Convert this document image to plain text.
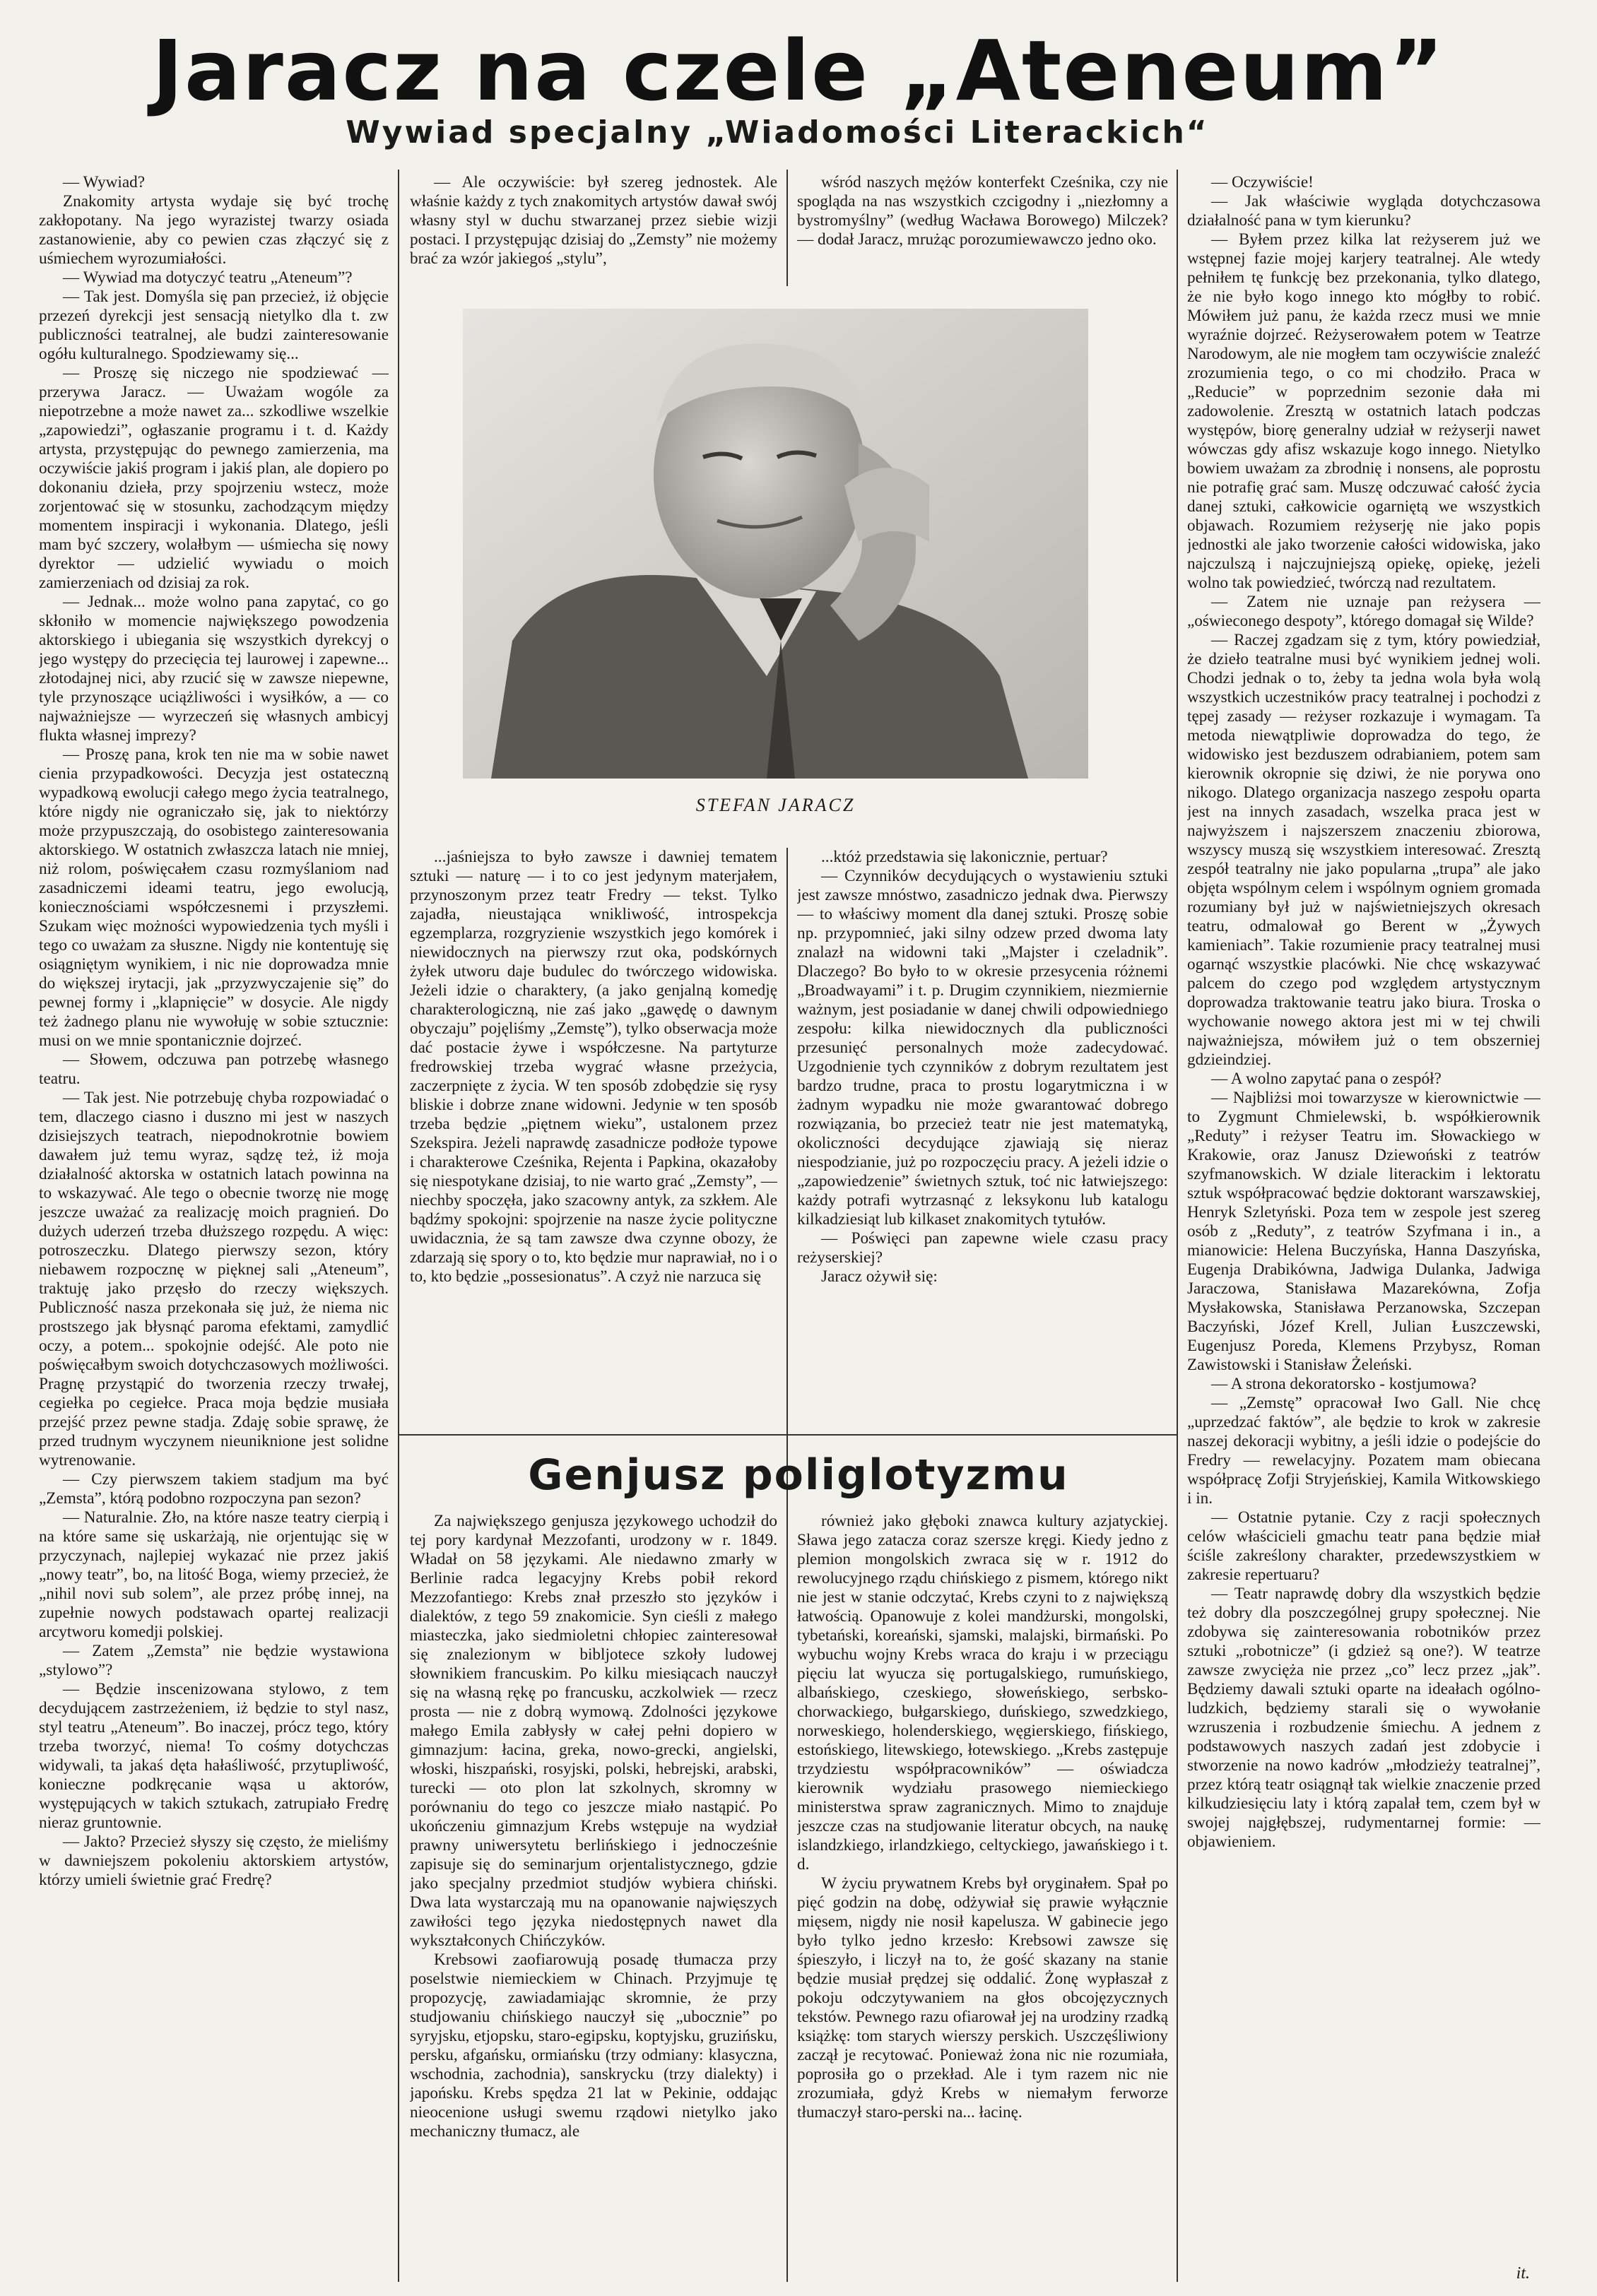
Jaracz na czele „Ateneum”
Wywiad specjalny „Wiadomości Literackich“

— Wywiad?

Znakomity artysta wydaje się być trochę zakłopotany. Na jego wyrazistej twarzy osiada zastanowienie, aby co pewien czas złączyć się z uśmiechem wyrozumiałości.

— Wywiad ma dotyczyć teatru „Ateneum”?

— Tak jest. Domyśla się pan przecież, iż objęcie przezeń dyrekcji jest sensacją nietylko dla t. zw publiczności teatralnej, ale budzi zainteresowanie ogółu kulturalnego. Spodziewamy się...

— Proszę się niczego nie spodziewać — przerywa Jaracz. — Uważam wogóle za niepotrzebne a może nawet za... szkodliwe wszelkie „zapowiedzi”, ogłaszanie programu i t. d. Każdy artysta, przystępując do pewnego zamierzenia, ma oczywiście jakiś program i jakiś plan, ale dopiero po dokonaniu dzieła, przy spojrzeniu wstecz, może zorjentować się w stosunku, zachodzącym między momentem inspiracji i wykonania. Dlatego, jeśli mam być szczery, wolałbym — uśmiecha się nowy dyrektor — udzielić wywiadu o moich zamierzeniach od dzisiaj za rok.

— Jednak... może wolno pana zapytać, co go skłoniło w momencie największego powodzenia aktorskiego i ubiegania się wszystkich dyrekcyj o jego występy do przecięcia tej laurowej i zapewne... złotodajnej nici, aby rzucić się w zawsze niepewne, tyle przynoszące uciążliwości i wysiłków, a — co najważniejsze — wyrzeczeń się własnych ambicyj flukta własnej imprezy?

— Proszę pana, krok ten nie ma w sobie nawet cienia przypadkowości. Decyzja jest ostateczną wypadkową ewolucji całego mego życia teatralnego, które nigdy nie ograniczało się, jak to niektórzy może przypuszczają, do osobistego zainteresowania aktorskiego. W ostatnich zwłaszcza latach nie mniej, niż rolom, poświęcałem czasu rozmyślaniom nad zasadniczemi ideami teatru, jego ewolucją, koniecznościami współczesnemi i przyszłemi. Szukam więc możności wypowiedzenia tych myśli i tego co uważam za słuszne. Nigdy nie kontentuję się osiągniętym wynikiem, i nic nie doprowadza mnie do większej irytacji, jak „przyzwyczajenie się” do pewnej formy i „klapnięcie” w dosycie. Ale nigdy też żadnego planu nie wywołuję w sobie sztucznie: musi on we mnie spontanicznie dojrzeć.

— Słowem, odczuwa pan potrzebę własnego teatru.

— Tak jest. Nie potrzebuję chyba rozpowiadać o tem, dlaczego ciasno i duszno mi jest w naszych dzisiejszych teatrach, niepodnokrotnie bowiem dawałem już temu wyraz, sądzę też, iż moja działalność aktorska w ostatnich latach powinna na to wskazywać. Ale tego o obecnie tworzę nie mogę jeszcze uważać za realizację moich pragnień. Do dużych uderzeń trzeba dłuższego rozpędu. A więc: potroszeczku. Dlatego pierwszy sezon, który niebawem rozpocznę w pięknej sali „Ateneum”, traktuję jako przęsło do rzeczy większych. Publiczność nasza przekonała się już, że niema nic prostszego jak błysnąć paroma efektami, zamydlić oczy, a potem... spokojnie odejść. Ale poto nie poświęcałbym swoich dotychczasowych możliwości. Pragnę przystąpić do tworzenia rzeczy trwałej, cegiełka po cegiełce. Praca moja będzie musiała przejść przez pewne stadja. Zdaję sobie sprawę, że przed trudnym wyczynem nieuniknione jest solidne wytrenowanie.

— Czy pierwszem takiem stadjum ma być „Zemsta”, którą podobno rozpoczyna pan sezon?

— Naturalnie. Zło, na które nasze teatry cierpią i na które same się uskarżają, nie orjentując się w przyczynach, najlepiej wykazać nie przez jakiś „nowy teatr”, bo, na litość Boga, wiemy przecież, że „nihil novi sub solem”, ale przez próbę innej, na zupełnie nowych podstawach opartej realizacji arcytworu komedji polskiej.

— Zatem „Zemsta” nie będzie wystawiona „stylowo”?

— Będzie inscenizowana stylowo, z tem decydującem zastrzeżeniem, iż będzie to styl nasz, styl teatru „Ateneum”. Bo inaczej, prócz tego, który trzeba tworzyć, niema! To cośmy dotychczas widywali, ta jakaś dęta hałaśliwość, przytupliwość, konieczne podkręcanie wąsa u aktorów, występujących w takich sztukach, zatrupiało Fredrę nieraz gruntownie.

— Jakto? Przecież słyszy się często, że mieliśmy w dawniejszem pokoleniu aktorskiem artystów, którzy umieli świetnie grać Fredrę?

— Ale oczywiście: był szereg jednostek. Ale właśnie każdy z tych znakomitych artystów dawał swój własny styl w duchu stwarzanej przez siebie wizji postaci. I przystępując dzisiaj do „Zemsty” nie możemy brać za wzór jakiegoś „stylu”,

wśród naszych mężów konterfekt Cześnika, czy nie spogląda na nas wszystkich czcigodny i „niezłomny a bystromyślny” (według Wacława Borowego) Milczek? — dodał Jaracz, mrużąc porozumiewawczo jedno oko.

STEFAN JARACZ

...jaśniejsza to było zawsze i dawniej tematem sztuki — naturę — i to co jest jedynym materjałem, przynoszonym przez teatr Fredry — tekst. Tylko zajadła, nieustająca wnikliwość, introspekcja egzemplarza, rozgryzienie wszystkich jego komórek i niewidocznych na pierwszy rzut oka, podskórnych żyłek utworu daje budulec do twórczego widowiska. Jeżeli idzie o charaktery, (a jako genjalną komedję charakterologiczną, nie zaś jako „gawędę o dawnym obyczaju” pojęliśmy „Zemstę”), tylko obserwacja może dać postacie żywe i współczesne. Na partyturze fredrowskiej trzeba wygrać własne przeżycia, zaczerpnięte z życia. W ten sposób zdobędzie się rysy bliskie i dobrze znane widowni. Jedynie w ten sposób trzeba będzie „piętnem wieku”, ustalonem przez Szekspira. Jeżeli naprawdę zasadnicze podłoże typowe i charakterowe Cześnika, Rejenta i Papkina, okazałoby się niespotykane dzisiaj, to nie warto grać „Zemsty”, — niechby spoczęła, jako szacowny antyk, za szkłem. Ale bądźmy spokojni: spojrzenie na nasze życie polityczne uwidacznia, że są tam zawsze dwa czynne obozy, że zdarzają się spory o to, kto będzie mur naprawiał, no i o to, kto będzie „possesionatus”. A czyż nie narzuca się

...któż przedstawia się lakonicznie, pertuar?

— Czynników decydujących o wystawieniu sztuki jest zawsze mnóstwo, zasadniczo jednak dwa. Pierwszy — to właściwy moment dla danej sztuki. Proszę sobie np. przypomnieć, jaki silny odzew przed dwoma laty znalazł na widowni taki „Majster i czeladnik”. Dlaczego? Bo było to w okresie przesycenia różnemi „Broadwayami” i t. p. Drugim czynnikiem, niezmiernie ważnym, jest posiadanie w danej chwili odpowiedniego zespołu: kilka niewidocznych dla publiczności przesunięć personalnych może zadecydować. Uzgodnienie tych czynników z dobrym rezultatem jest bardzo trudne, praca to prostu logarytmiczna i w żadnym wypadku nie może gwarantować dobrego rozwiązania, bo przecież teatr nie jest matematyką, okoliczności decydujące zjawiają się nieraz niespodzianie, już po rozpoczęciu pracy. A jeżeli idzie o „zapowiedzenie” świetnych sztuk, toć nic łatwiejszego: każdy potrafi wytrzasnąć z leksykonu lub katalogu kilkadziesiąt lub kilkaset znakomitych tytułów.

— Poświęci pan zapewne wiele czasu pracy reżyserskiej?

Jaracz ożywił się:

— Oczywiście!

— Jak właściwie wygląda dotychczasowa działalność pana w tym kierunku?

— Byłem przez kilka lat reżyserem już we wstępnej fazie mojej karjery teatralnej. Ale wtedy pełniłem tę funkcję bez przekonania, tylko dlatego, że nie było kogo innego kto mógłby to robić. Mówiłem już panu, że każda rzecz musi we mnie wyraźnie dojrzeć. Reżyserowałem potem w Teatrze Narodowym, ale nie mogłem tam oczywiście znaleźć zrozumienia tego, o co mi chodziło. Praca w „Reducie” w poprzednim sezonie dała mi zadowolenie. Zresztą w ostatnich latach podczas występów, biorę generalny udział w reżyserji nawet wówczas gdy afisz wskazuje kogo innego. Nietylko bowiem uważam za zbrodnię i nonsens, ale poprostu nie potrafię grać sam. Muszę odczuwać całość życia danej sztuki, całkowicie ogarniętą we wszystkich objawach. Rozumiem reżyserję nie jako popis jednostki ale jako tworzenie całości widowiska, jako najczulszą i najczujniejszą opiekę, opiekę, jeżeli wolno tak powiedzieć, twórczą nad rezultatem.

— Zatem nie uznaje pan reżysera — „oświeconego despoty”, którego domagał się Wilde?

— Raczej zgadzam się z tym, który powiedział, że dzieło teatralne musi być wynikiem jednej woli. Chodzi jednak o to, żeby ta jedna wola była wolą wszystkich uczestników pracy teatralnej i pochodzi z tępej zasady — reżyser rozkazuje i wymagam. Ta metoda niewątpliwie doprowadza do tego, że widowisko jest bezduszem odrabianiem, potem sam kierownik okropnie się dziwi, że nie porywa ono nikogo. Dlatego organizacja naszego zespołu oparta jest na innych zasadach, wszelka praca jest w najwyższem i najszerszem znaczeniu zbiorowa, wszyscy muszą się wszystkiem interesować. Zresztą zespół teatralny nie jako popularna „trupa” ale jako objęta wspólnym celem i wspólnym ogniem gromada rozumiany był już w najświetniejszych okresach teatru, odmalował go Berent w „Żywych kamieniach”. Takie rozumienie pracy teatralnej musi ogarnąć wszystkie placówki. Nie chcę wskazywać palcem do czego pod względem artystycznym doprowadza traktowanie teatru jako biura. Troska o wychowanie nowego aktora jest mi w tej chwili najważniejsza, mówiłem już o tem obszerniej gdzieindziej.

— A wolno zapytać pana o zespół?

— Najbliżsi moi towarzysze w kierownictwie — to Zygmunt Chmielewski, b. współkierownik „Reduty” i reżyser Teatru im. Słowackiego w Krakowie, oraz Janusz Dziewoński z teatrów szyfmanowskich. W dziale literackim i lektoratu sztuk współpracować będzie doktorant warszawskiej, Henryk Szletyński. Poza tem w zespole jest szereg osób z „Reduty”, z teatrów Szyfmana i in., a mianowicie: Helena Buczyńska, Hanna Daszyńska, Eugenja Drabikówna, Jadwiga Dulanka, Jadwiga Jaraczowa, Stanisława Mazarekówna, Zofja Mysłakowska, Stanisława Perzanowska, Szczepan Baczyński, Józef Krell, Julian Łuszczewski, Eugenjusz Poreda, Klemens Przybysz, Roman Zawistowski i Stanisław Żeleński.

— A strona dekoratorsko - kostjumowa?

— „Zemstę” opracował Iwo Gall. Nie chcę „uprzedzać faktów”, ale będzie to krok w zakresie naszej dekoracji wybitny, a jeśli idzie o podejście do Fredry — rewelacyjny. Pozatem mam obiecana współpracę Zofji Stryjeńskiej, Kamila Witkowskiego i in.

— Ostatnie pytanie. Czy z racji społecznych celów właścicieli gmachu teatr pana będzie miał ściśle zakreślony charakter, przedewszystkiem w zakresie repertuaru?

— Teatr naprawdę dobry dla wszystkich będzie też dobry dla poszczególnej grupy społecznej. Nie zdobywa się zainteresowania robotników przez sztuki „robotnicze” (i gdzież są one?). W teatrze zawsze zwycięża nie przez „co” lecz przez „jak”. Będziemy dawali sztuki oparte na ideałach ogólno-ludzkich, będziemy starali się o wywołanie wzruszenia i rozbudzenie śmiechu. A jednem z podstawowych naszych zadań jest zdobycie i stworzenie na nowo kadrów „młodzieży teatralnej”, przez którą teatr osiągnął tak wielkie znaczenie przed kilkudziesięciu laty i którą zapalał tem, czem był w swojej najgłębszej, rudymentarnej formie: — objawieniem.

Genjusz poliglotyzmu

Za największego genjusza językowego uchodził do tej pory kardynał Mezzofanti, urodzony w r. 1849. Władał on 58 językami. Ale niedawno zmarły w Berlinie radca legacyjny Krebs pobił rekord Mezzofantiego: Krebs znał przeszło sto języków i dialektów, z tego 59 znakomicie. Syn cieśli z małego miasteczka, jako siedmioletni chłopiec zainteresował się znalezionym w bibljotece szkoły ludowej słownikiem francuskim. Po kilku miesiącach nauczył się na własną rękę po francusku, aczkolwiek — rzecz prosta — nie z dobrą wymową. Zdolności językowe małego Emila zabłysły w całej pełni dopiero w gimnazjum: łacina, greka, nowo-grecki, angielski, włoski, hiszpański, rosyjski, polski, hebrejski, arabski, turecki — oto plon lat szkolnych, skromny w porównaniu do tego co jeszcze miało nastąpić. Po ukończeniu gimnazjum Krebs wstępuje na wydział prawny uniwersytetu berlińskiego i jednocześnie zapisuje się do seminarjum orjentalistycznego, gdzie jako specjalny przedmiot studjów wybiera chiński. Dwa lata wystarczają mu na opanowanie najwięszych zawiłości tego języka niedostępnych nawet dla wykształconych Chińczyków.

Krebsowi zaofiarowują posadę tłumacza przy poselstwie niemieckiem w Chinach. Przyjmuje tę propozycję, zawiadamiając skromnie, że przy studjowaniu chińskiego nauczył się „ubocznie” po syryjsku, etjopsku, staro-egipsku, koptyjsku, gruzińsku, persku, afgańsku, ormiańsku (trzy odmiany: klasyczna, wschodnia, zachodnia), sanskrycku (trzy dialekty) i japońsku. Krebs spędza 21 lat w Pekinie, oddając nieocenione usługi swemu rządowi nietylko jako mechaniczny tłumacz, ale

również jako głęboki znawca kultury azjatyckiej. Sława jego zatacza coraz szersze kręgi. Kiedy jedno z plemion mongolskich zwraca się w r. 1912 do rewolucyjnego rządu chińskiego z pismem, którego nikt nie jest w stanie odczytać, Krebs czyni to z największą łatwością. Opanowuje z kolei mandżurski, mongolski, tybetański, koreański, sjamski, malajski, birmański. Po wybuchu wojny Krebs wraca do kraju i w przeciągu pięciu lat wyucza się portugalskiego, rumuńskiego, albańskiego, czeskiego, słoweńskiego, serbsko-chorwackiego, bułgarskiego, duńskiego, szwedzkiego, norweskiego, holenderskiego, węgierskiego, fińskiego, estońskiego, litewskiego, łotewskiego. „Krebs zastępuje trzydziestu współpracowników” — oświadcza kierownik wydziału prasowego niemieckiego ministerstwa spraw zagranicznych. Mimo to znajduje jeszcze czas na studjowanie literatur obcych, na naukę islandzkiego, irlandzkiego, celtyckiego, jawańskiego i t. d.

W życiu prywatnem Krebs był oryginałem. Spał po pięć godzin na dobę, odżywiał się prawie wyłącznie mięsem, nigdy nie nosił kapelusza. W gabinecie jego było tylko jedno krzesło: Krebsowi zawsze się śpieszyło, i liczył na to, że gość skazany na stanie będzie musiał prędzej się oddalić. Żonę wypłaszał z pokoju odczytywaniem na głos obcojęzycznych tekstów. Pewnego razu ofiarował jej na urodziny rzadką książkę: tom starych wierszy perskich. Uszczęśliwiony zaczął je recytować. Ponieważ żona nic nie rozumiała, poprosiła go o przekład. Ale i tym razem nic nie zrozumiała, gdyż Krebs w niemałym ferworze tłumaczył staro-perski na... łacinę.

it.
